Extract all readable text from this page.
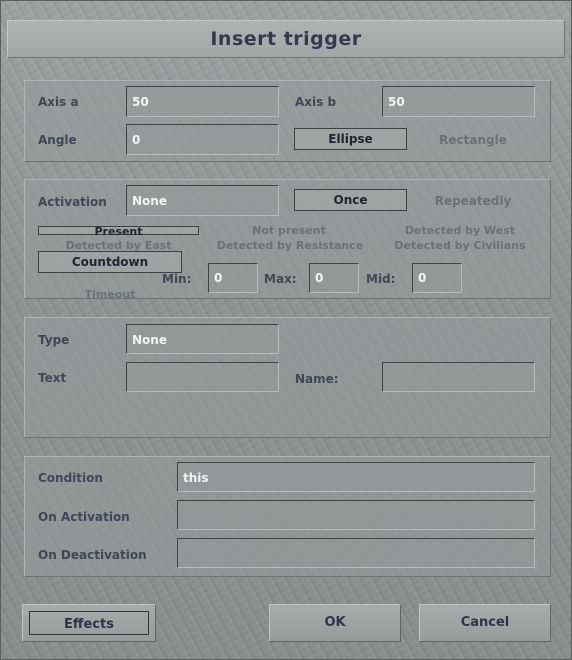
Insert trigger
Axis a	50	Axis b	50
Angle	0	Ellipse	Rectangle
Activation	None	Once	Repeatedly
Present	Not present	Detected by West
Detected by East	Detected by Resistance	Detected by Civilians
Countdown
Timeout
Min:	0	Max:	0	Mid:	0
Type	None
Text	Name:
Condition	this
On Activation
On Deactivation
Effects	OK	Cancel
